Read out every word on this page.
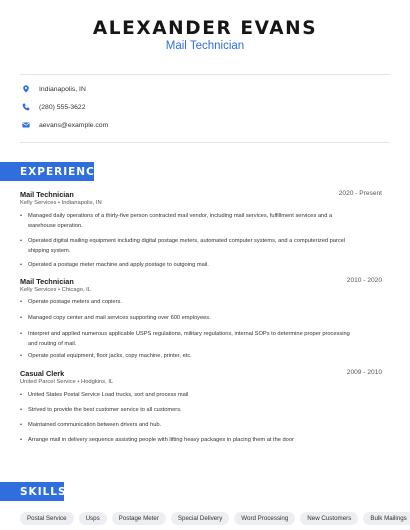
ALEXANDER EVANS
Mail Technician
Indianapolis, IN
(280) 555-3622
aevans@example.com
EXPERIENCE
Mail Technician	2020 - Present
Kelly Services • Indianapolis, IN
• Managed daily operations of a thirty-five person contracted mail vendor, including mail services, fulfillment services and a warehouse operation.
• Operated digital mailing equipment including digital postage meters, automated computer systems, and a computerized parcel shipping system.
• Operated a postage meter machine and apply postage to outgoing mail.
Mail Technician	2010 - 2020
Kelly Services • Chicago, IL
• Operate postage meters and copiers.
• Managed copy center and mail services supporting over 600 employees.
• Interpret and applied numerous applicable USPS regulations, military regulations, internal SOPs to determine proper processing and routing of mail.
• Operate postal equipment, floor jacks, copy machine, printer, etc.
Casual Clerk	2009 - 2010
United Parcel Service • Hodgkins, IL
• United States Postal Service Load trucks, sort and process mail
• Strived to provide the best customer service to all customers.
• Maintained communication between drivers and hub.
• Arrange mail in delivery sequence assisting people with lifting heavy packages in placing them at the door
SKILLS
Postal Service	Usps	Postage Meter	Special Delivery	Word Processing	New Customers	Bulk Mailings
